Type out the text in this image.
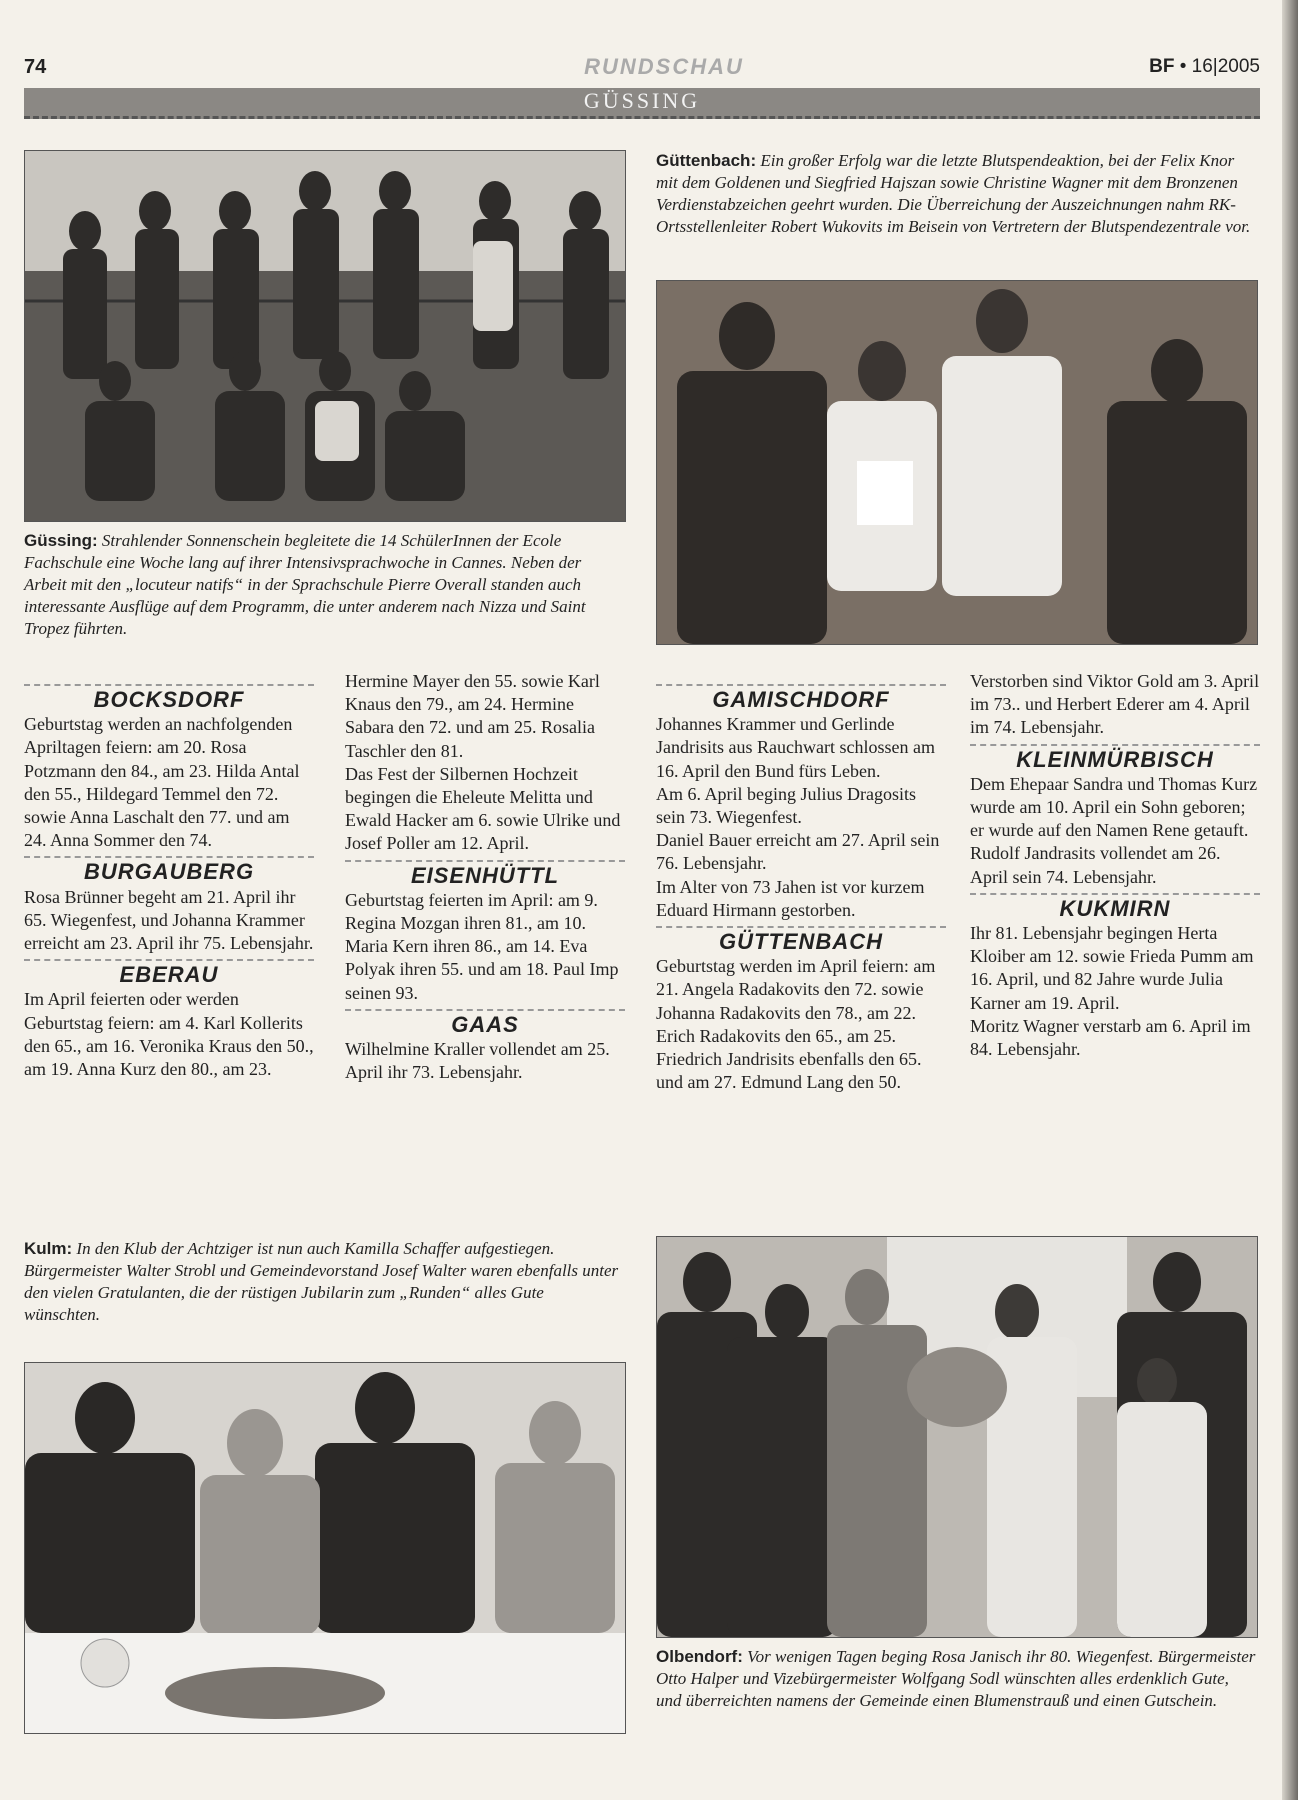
74	RUNDSCHAU	BF • 16|2005
GÜSSING
Güssing: Strahlender Sonnenschein begleitete die 14 SchülerInnen der Ecole Fachschule eine Woche lang auf ihrer Intensivsprachwoche in Cannes. Neben der Arbeit mit den „locuteur natifs“ in der Sprachschule Pierre Overall standen auch interessante Ausflüge auf dem Programm, die unter anderem nach Nizza und Saint Tropez führten.
Güttenbach: Ein großer Erfolg war die letzte Blutspendeaktion, bei der Felix Knor mit dem Goldenen und Siegfried Hajszan sowie Christine Wagner mit dem Bronzenen Verdienstabzeichen geehrt wurden. Die Überreichung der Auszeichnungen nahm RK-Ortsstellenleiter Robert Wukovits im Beisein von Vertretern der Blutspendezentrale vor.
BOCKSDORF

Geburtstag werden an nachfolgenden Apriltagen feiern: am 20. Rosa Potzmann den 84., am 23. Hilda Antal den 55., Hildegard Temmel den 72. sowie Anna Laschalt den 77. und am 24. Anna Sommer den 74.

BURGAUBERG

Rosa Brünner begeht am 21. April ihr 65. Wiegenfest, und Johanna Krammer erreicht am 23. April ihr 75. Lebensjahr.

EBERAU

Im April feierten oder werden Geburtstag feiern: am 4. Karl Kollerits den 65., am 16. Veronika Kraus den 50., am 19. Anna Kurz den 80., am 23.

Hermine Mayer den 55. sowie Karl Knaus den 79., am 24. Hermine Sabara den 72. und am 25. Rosalia Taschler den 81.

Das Fest der Silbernen Hochzeit begingen die Eheleute Melitta und Ewald Hacker am 6. sowie Ulrike und Josef Poller am 12. April.

EISENHÜTTL

Geburtstag feierten im April: am 9. Regina Mozgan ihren 81., am 10. Maria Kern ihren 86., am 14. Eva Polyak ihren 55. und am 18. Paul Imp seinen 93.

GAAS

Wilhelmine Kraller vollendet am 25. April ihr 73. Lebensjahr.

GAMISCHDORF

Johannes Krammer und Gerlinde Jandrisits aus Rauchwart schlossen am 16. April den Bund fürs Leben.

Am 6. April beging Julius Dragosits sein 73. Wiegenfest.

Daniel Bauer erreicht am 27. April sein 76. Lebensjahr.

Im Alter von 73 Jahen ist vor kurzem Eduard Hirmann gestorben.

GÜTTENBACH

Geburtstag werden im April feiern: am 21. Angela Radakovits den 72. sowie Johanna Radakovits den 78., am 22. Erich Radakovits den 65., am 25. Friedrich Jandrisits ebenfalls den 65. und am 27. Edmund Lang den 50.

Verstorben sind Viktor Gold am 3. April im 73.. und Herbert Ederer am 4. April im 74. Lebensjahr.

KLEINMÜRBISCH

Dem Ehepaar Sandra und Thomas Kurz wurde am 10. April ein Sohn geboren; er wurde auf den Namen Rene getauft.

Rudolf Jandrasits vollendet am 26. April sein 74. Lebensjahr.

KUKMIRN

Ihr 81. Lebensjahr begingen Herta Kloiber am 12. sowie Frieda Pumm am 16. April, und 82 Jahre wurde Julia Karner am 19. April.

Moritz Wagner verstarb am 6. April im 84. Lebensjahr.

Kulm: In den Klub der Achtziger ist nun auch Kamilla Schaffer aufgestiegen. Bürgermeister Walter Strobl und Gemeindevorstand Josef Walter waren ebenfalls unter den vielen Gratulanten, die der rüstigen Jubilarin zum „Runden“ alles Gute wünschten.
Olbendorf: Vor wenigen Tagen beging Rosa Janisch ihr 80. Wiegenfest. Bürgermeister Otto Halper und Vizebürgermeister Wolfgang Sodl wünschten alles erdenklich Gute, und überreichten namens der Gemeinde einen Blumenstrauß und einen Gutschein.
